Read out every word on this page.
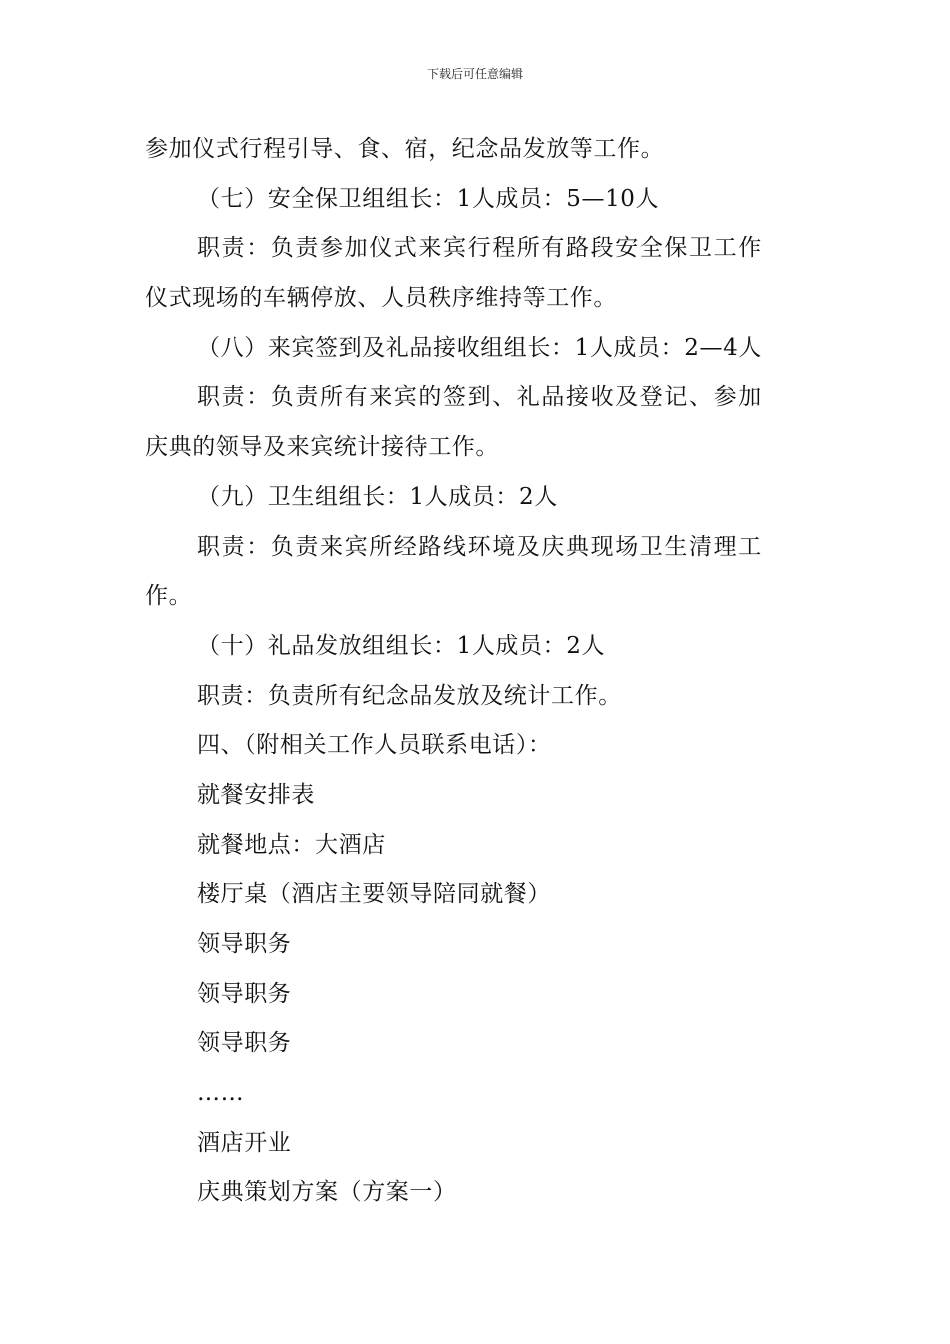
下载后可任意编辑
参加仪式行程引导、食、宿，纪念品发放等工作。
（七）安全保卫组组长：1人成员：5—10人
职责：负责参加仪式来宾行程所有路段安全保卫工作
仪式现场的车辆停放、人员秩序维持等工作。
（八）来宾签到及礼品接收组组长：1人成员：2—4人
职责：负责所有来宾的签到、礼品接收及登记、参加
庆典的领导及来宾统计接待工作。
（九）卫生组组长：1人成员：2人
职责：负责来宾所经路线环境及庆典现场卫生清理工
作。
（十）礼品发放组组长：1人成员：2人
职责：负责所有纪念品发放及统计工作。
四、（附相关工作人员联系电话）：
就餐安排表
就餐地点：大酒店
楼厅桌（酒店主要领导陪同就餐）
领导职务
领导职务
领导职务
……
酒店开业
庆典策划方案（方案一）
